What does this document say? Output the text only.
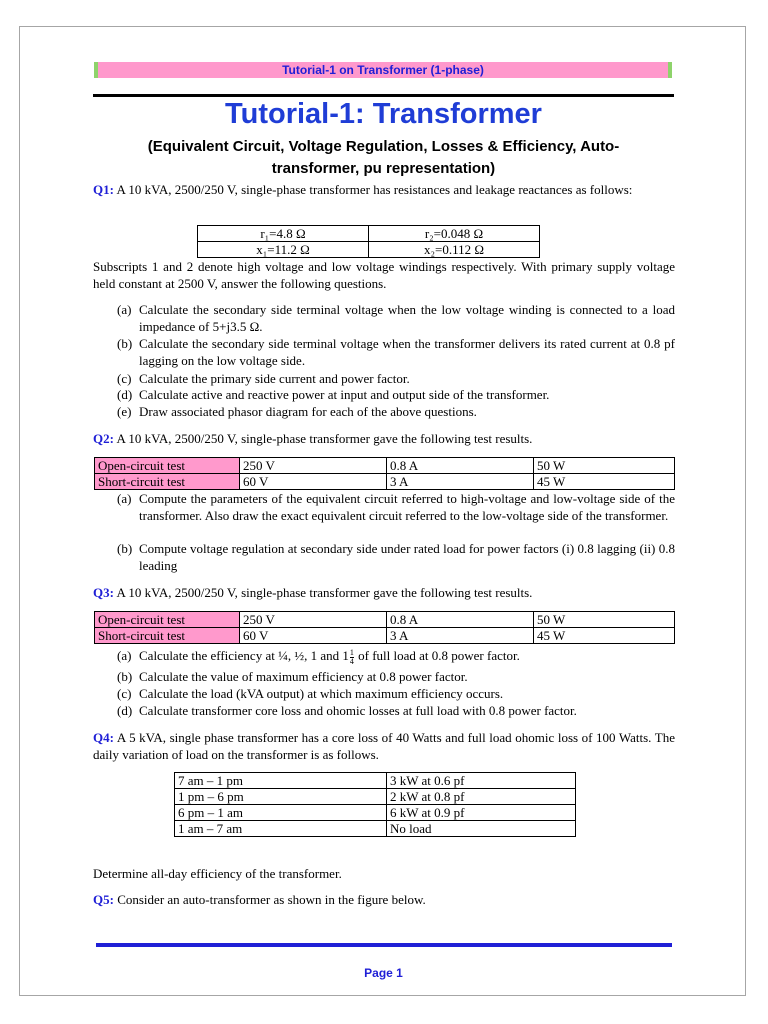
Tutorial-1 on Transformer (1-phase)
Tutorial-1: Transformer
(Equivalent Circuit, Voltage Regulation, Losses & Efficiency, Auto-transformer, pu representation)
Q1: A 10 kVA, 2500/250 V, single-phase transformer has resistances and leakage reactances as follows:
r₁=4.8 Ω	r₂=0.048 Ω
x₁=11.2 Ω	x₂=0.112 Ω
Subscripts 1 and 2 denote high voltage and low voltage windings respectively. With primary supply voltage held constant at 2500 V, answer the following questions.
(a) Calculate the secondary side terminal voltage when the low voltage winding is connected to a load impedance of 5+j3.5 Ω.
(b) Calculate the secondary side terminal voltage when the transformer delivers its rated current at 0.8 pf lagging on the low voltage side.
(c) Calculate the primary side current and power factor.
(d) Calculate active and reactive power at input and output side of the transformer.
(e) Draw associated phasor diagram for each of the above questions.
Q2: A 10 kVA, 2500/250 V, single-phase transformer gave the following test results.
Open-circuit test	250 V	0.8 A	50 W
Short-circuit test	60 V	3 A	45 W
(a) Compute the parameters of the equivalent circuit referred to high-voltage and low-voltage side of the transformer. Also draw the exact equivalent circuit referred to the low-voltage side of the transformer.
(b) Compute voltage regulation at secondary side under rated load for power factors (i) 0.8 lagging (ii) 0.8 leading
Q3: A 10 kVA, 2500/250 V, single-phase transformer gave the following test results.
Open-circuit test	250 V	0.8 A	50 W
Short-circuit test	60 V	3 A	45 W
(a) Calculate the efficiency at ¼, ½, 1 and $1 \frac{1}{4}$ of full load at 0.8 power factor.
(b) Calculate the value of maximum efficiency at 0.8 power factor.
(c) Calculate the load (kVA output) at which maximum efficiency occurs.
(d) Calculate transformer core loss and ohomic losses at full load with 0.8 power factor.
Q4: A 5 kVA, single phase transformer has a core loss of 40 Watts and full load ohomic loss of 100 Watts. The daily variation of load on the transformer is as follows.
7 am – 1 pm	3 kW at 0.6 pf
1 pm – 6 pm	2 kW at 0.8 pf
6 pm – 1 am	6 kW at 0.9 pf
1 am – 7 am	No load
Determine all-day efficiency of the transformer.
Q5: Consider an auto-transformer as shown in the figure below.
Page 1
